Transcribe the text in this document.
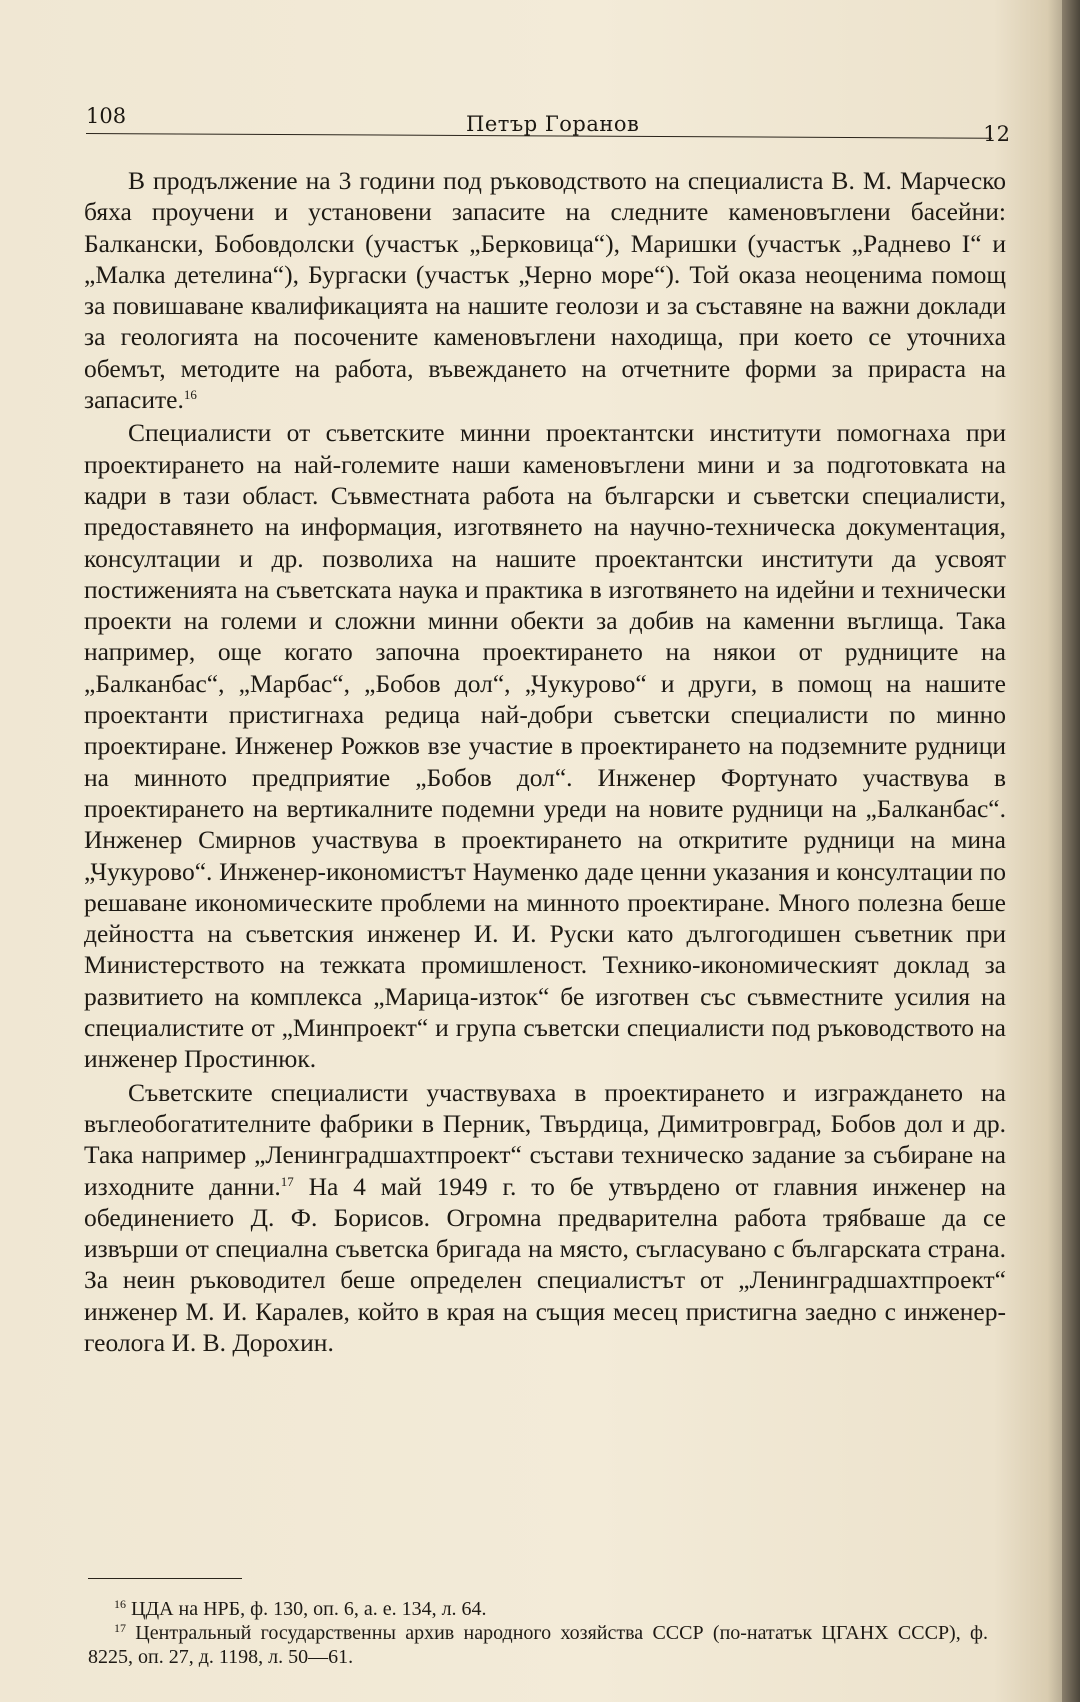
108	Петър Горанов	12

В продължение на 3 години под ръководството на специалиста В. М. Марческо бяха проучени и установени запасите на следните каменовъглени басейни: Балкански, Бобовдолски (участък „Берковица“), Маришки (участък „Раднево I“ и „Малка детелина“), Бургаски (участък „Черно море“). Той оказа неоценима помощ за повишаване квалификацията на нашите геолози и за съставяне на важни доклади за геологията на посочените каменовъглени находища, при което се уточниха обемът, методите на работа, въвеждането на отчетните форми за прираста на запасите.$^{16}$

Специалисти от съветските минни проектантски институти помогнаха при проектирането на най-големите наши каменовъглени мини и за подготовката на кадри в тази област. Съвместната работа на български и съветски специалисти, предоставянето на информация, изготвянето на научно-техническа документация, консултации и др. позволиха на нашите проектантски институти да усвоят постиженията на съветската наука и практика в изготвянето на идейни и технически проекти на големи и сложни минни обекти за добив на каменни въглища. Така например, още когато започна проектирането на някои от рудниците на „Балканбас“, „Марбас“, „Бобов дол“, „Чукурово“ и други, в помощ на нашите проектанти пристигнаха редица най-добри съветски специалисти по минно проектиране. Инженер Рожков взе участие в проектирането на подземните рудници на минното предприятие „Бобов дол“. Инженер Фортунато участвува в проектирането на вертикалните подемни уреди на новите рудници на „Балканбас“. Инженер Смирнов участвува в проектирането на откритите рудници на мина „Чукурово“. Инженер-икономистът Науменко даде ценни указания и консултации по решаване икономическите проблеми на минното проектиране. Много полезна беше дейността на съветския инженер И. И. Руски като дългогодишен съветник при Министерството на тежката промишленост. Технико-икономическият доклад за развитието на комплекса „Марица-изток“ бе изготвен със съвместните усилия на специалистите от „Минпроект“ и група съветски специалисти под ръководството на инженер Простинюк.

Съветските специалисти участвуваха в проектирането и изграждането на въглеобогатителните фабрики в Перник, Твърдица, Димитровград, Бобов дол и др. Така например „Ленинградшахтпроект“ състави техническо задание за събиране на изходните данни.$^{17}$ На 4 май 1949 г. то бе утвърдено от главния инженер на обединението Д. Ф. Борисов. Огромна предварителна работа трябваше да се извърши от специална съветска бригада на място, съгласувано с българската страна. За неин ръководител беше определен специалистът от „Ленинградшахтпроект“ инженер М. И. Каралев, който в края на същия месец пристигна заедно с инженер-геолога И. В. Дорохин.

$^{16}$ ЦДА на НРБ, ф. 130, оп. 6, а. е. 134, л. 64.

$^{17}$ Центральный государственны архив народного хозяйства СССР (по-нататък ЦГАНХ СССР), ф. 8225, оп. 27, д. 1198, л. 50—61.
